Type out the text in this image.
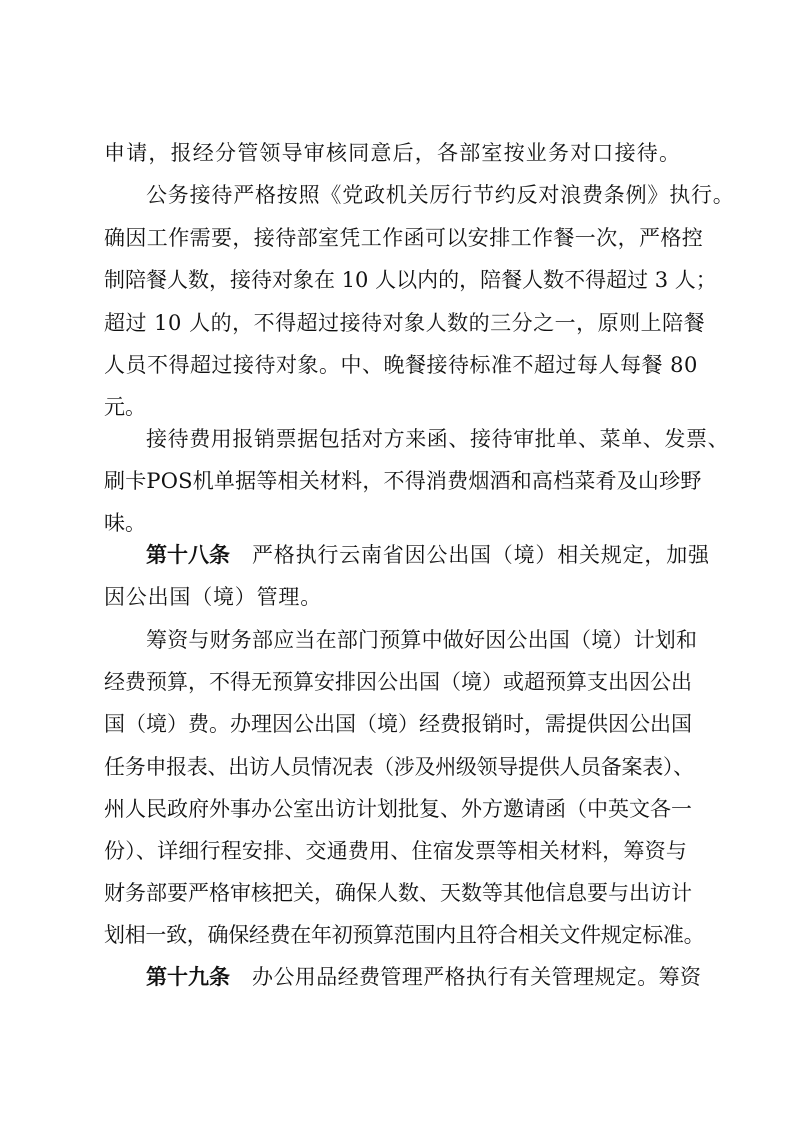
申请，报经分管领导审核同意后，各部室按业务对口接待。
公务接待严格按照《党政机关厉行节约反对浪费条例》执行。
确因工作需要，接待部室凭工作函可以安排工作餐一次，严格控
制陪餐人数，接待对象在 10 人以内的，陪餐人数不得超过 3 人；
超过 10 人的，不得超过接待对象人数的三分之一，原则上陪餐
人员不得超过接待对象。中、晚餐接待标准不超过每人每餐 80
元。
接待费用报销票据包括对方来函、接待审批单、菜单、发票、
刷卡POS机单据等相关材料，不得消费烟酒和高档菜肴及山珍野
味。
第十八条 严格执行云南省因公出国（境）相关规定，加强
因公出国（境）管理。
筹资与财务部应当在部门预算中做好因公出国（境）计划和
经费预算，不得无预算安排因公出国（境）或超预算支出因公出
国（境）费。办理因公出国（境）经费报销时，需提供因公出国
任务申报表、出访人员情况表（涉及州级领导提供人员备案表）、
州人民政府外事办公室出访计划批复、外方邀请函（中英文各一
份）、详细行程安排、交通费用、住宿发票等相关材料，筹资与
财务部要严格审核把关，确保人数、天数等其他信息要与出访计
划相一致，确保经费在年初预算范围内且符合相关文件规定标准。
第十九条 办公用品经费管理严格执行有关管理规定。筹资
